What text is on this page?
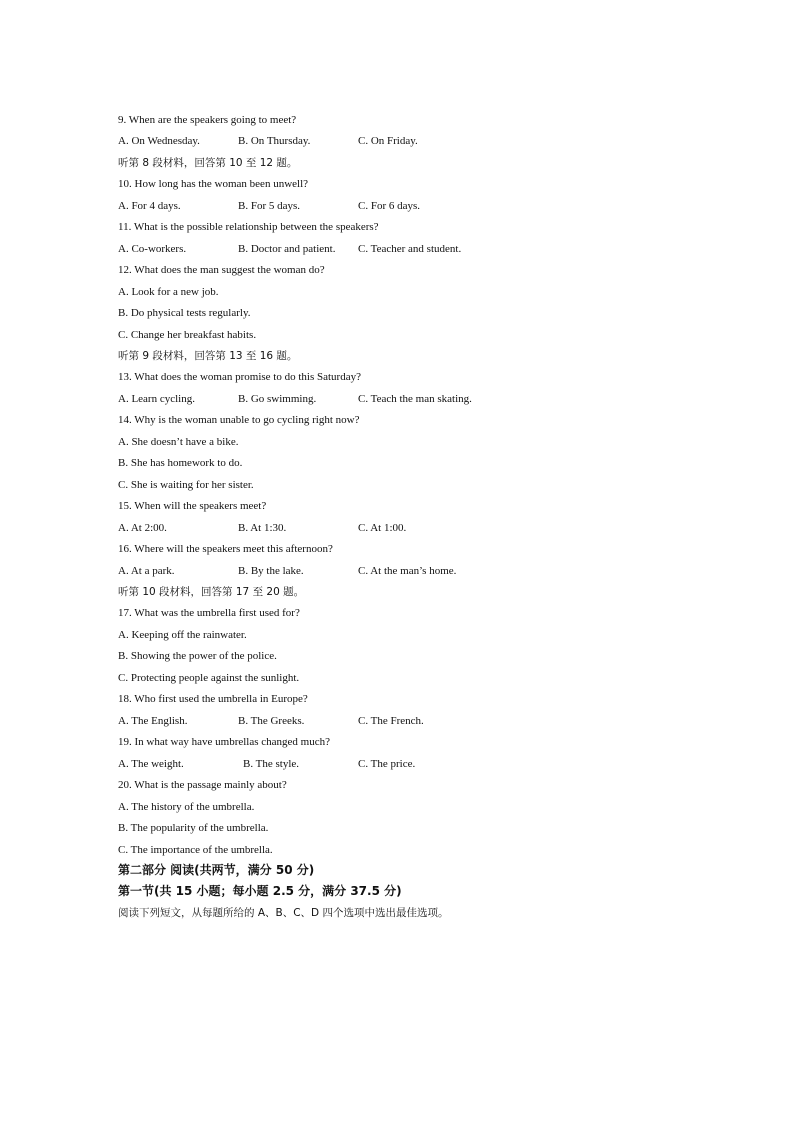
9. When are the speakers going to meet?
A. On Wednesday.	B. On Thursday.	C. On Friday.
听第 8 段材料，回答第 10 至 12 题。
10. How long has the woman been unwell?
A. For 4 days.	B. For 5 days.	C. For 6 days.
11. What is the possible relationship between the speakers?
A. Co-workers.	B. Doctor and patient. C. Teacher and student.
12. What does the man suggest the woman do?
A. Look for a new job.
B. Do physical tests regularly.
C. Change her breakfast habits.
听第 9 段材料，回答第 13 至 16 题。
13. What does the woman promise to do this Saturday?
A. Learn cycling.	B. Go swimming.	C. Teach the man skating.
14. Why is the woman unable to go cycling right now?
A. She doesn’t have a bike.
B. She has homework to do.
C. She is waiting for her sister.
15. When will the speakers meet?
A. At 2:00.	B. At 1:30.	C. At 1:00.
16. Where will the speakers meet this afternoon?
A. At a park.	B. By the lake.	C. At the man’s home.
听第 10 段材料，回答第 17 至 20 题。
17. What was the umbrella first used for?
A. Keeping off the rainwater.
B. Showing the power of the police.
C. Protecting people against the sunlight.
18. Who first used the umbrella in Europe?
A. The English.	B. The Greeks.	C. The French.
19. In what way have umbrellas changed much?
A. The weight.	B. The style.	C. The price.
20. What is the passage mainly about?
A. The history of the umbrella.
B. The popularity of the umbrella.
C. The importance of the umbrella.
第二部分 阅读(共两节，满分 50 分)
第一节(共 15 小题；每小题 2.5 分，满分 37.5 分)
阅读下列短文，从每题所给的 A、B、C、D 四个选项中选出最佳选项。
